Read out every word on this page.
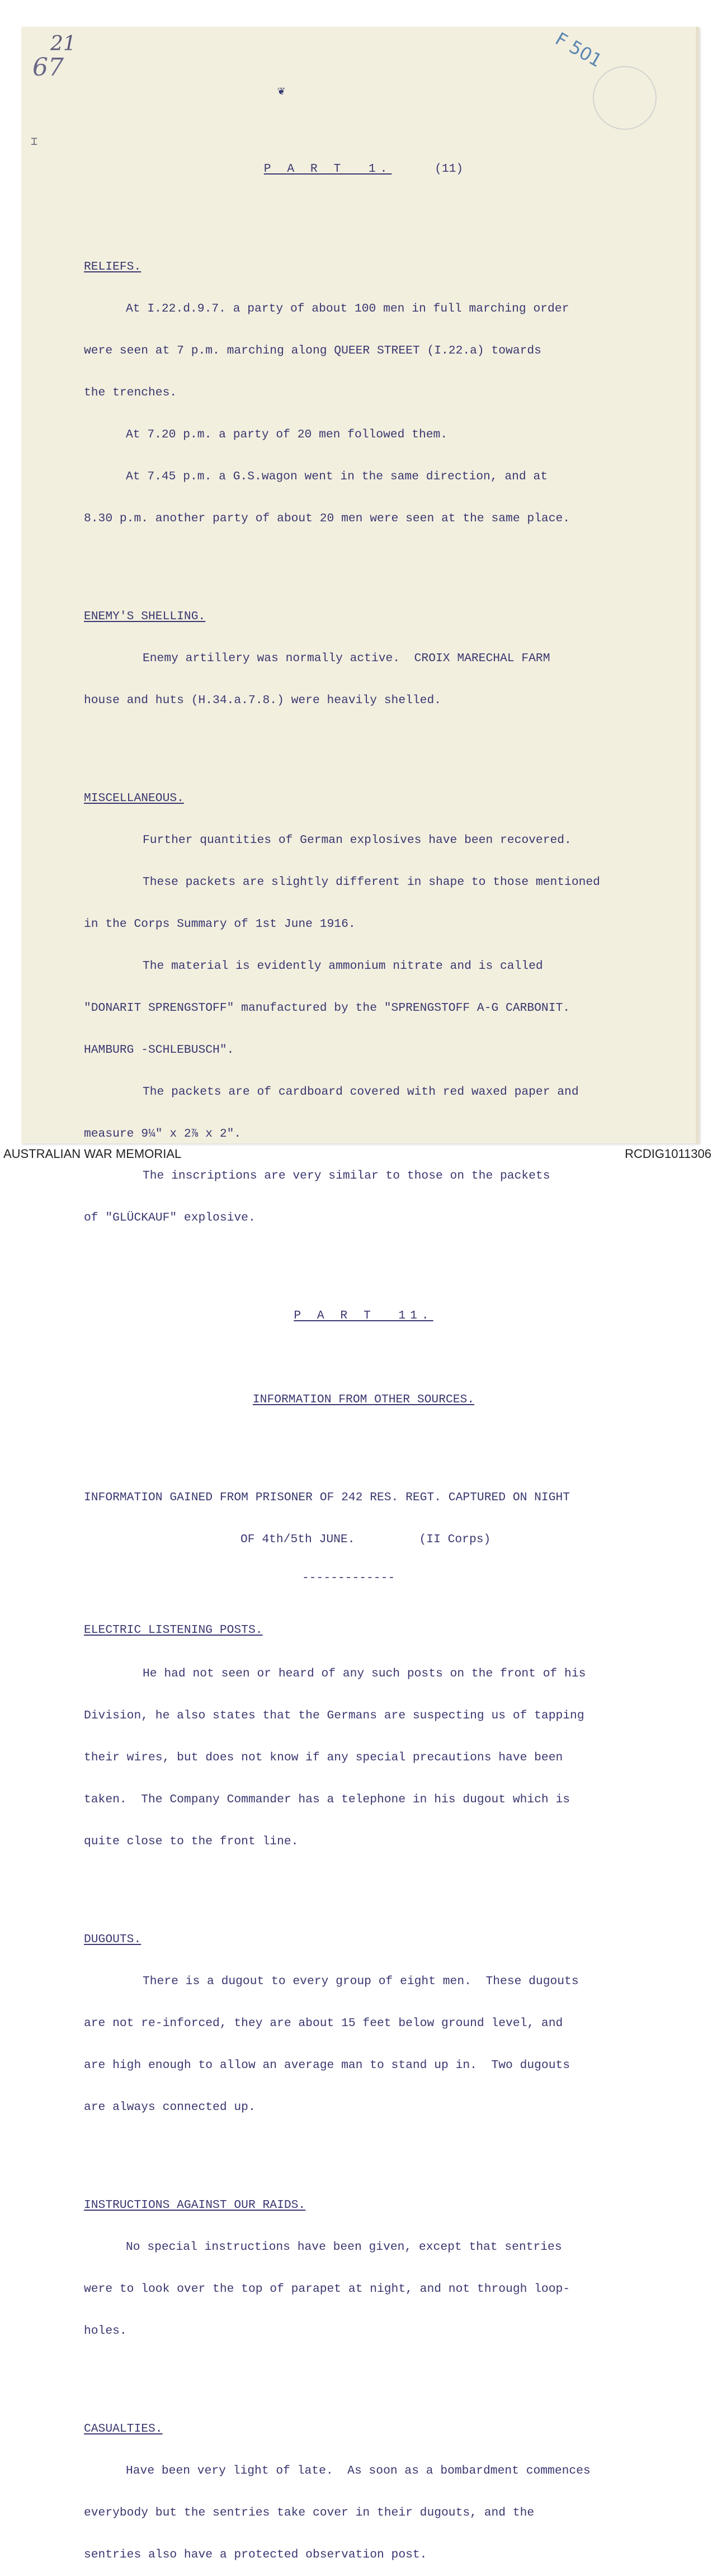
21
67	F 501
⌶
❦

P A R T  1.	(11)

RELIEFS.

At I.22.d.9.7. a party of about 100 men in full marching order

were seen at 7 p.m. marching along QUEER STREET (I.22.a) towards

the trenches.

At 7.20 p.m. a party of 20 men followed them.

At 7.45 p.m. a G.S.wagon went in the same direction, and at

8.30 p.m. another party of about 20 men were seen at the same place.

ENEMY'S SHELLING.

Enemy artillery was normally active.  CROIX MARECHAL FARM

house and huts (H.34.a.7.8.) were heavily shelled.

MISCELLANEOUS.

Further quantities of German explosives have been recovered.

These packets are slightly different in shape to those mentioned

in the Corps Summary of 1st June 1916.

The material is evidently ammonium nitrate and is called

"DONARIT SPRENGSTOFF" manufactured by the "SPRENGSTOFF A-G CARBONIT.

HAMBURG -SCHLEBUSCH".

The packets are of cardboard covered with red waxed paper and

measure 9¼" x 2⅞ x 2".

The inscriptions are very similar to those on the packets

of "GLÜCKAUF" explosive.

P A R T  11.

INFORMATION FROM OTHER SOURCES.

INFORMATION GAINED FROM PRISONER OF 242 RES. REGT. CAPTURED ON NIGHT

OF 4th/5th JUNE.         (II Corps)

-------------

ELECTRIC LISTENING POSTS.

He had not seen or heard of any such posts on the front of his

Division, he also states that the Germans are suspecting us of tapping

their wires, but does not know if any special precautions have been

taken.  The Company Commander has a telephone in his dugout which is

quite close to the front line.

DUGOUTS.

There is a dugout to every group of eight men.  These dugouts

are not re-inforced, they are about 15 feet below ground level, and

are high enough to allow an average man to stand up in.  Two dugouts

are always connected up.

INSTRUCTIONS AGAINST OUR RAIDS.

No special instructions have been given, except that sentries

were to look over the top of parapet at night, and not through loop-

holes.

CASUALTIES.

Have been very light of late.  As soon as a bombardment commences

everybody but the sentries take cover in their dugouts, and the

sentries also have a protected observation post.

AUSTRALIAN WAR MEMORIAL	RCDIG1011306
